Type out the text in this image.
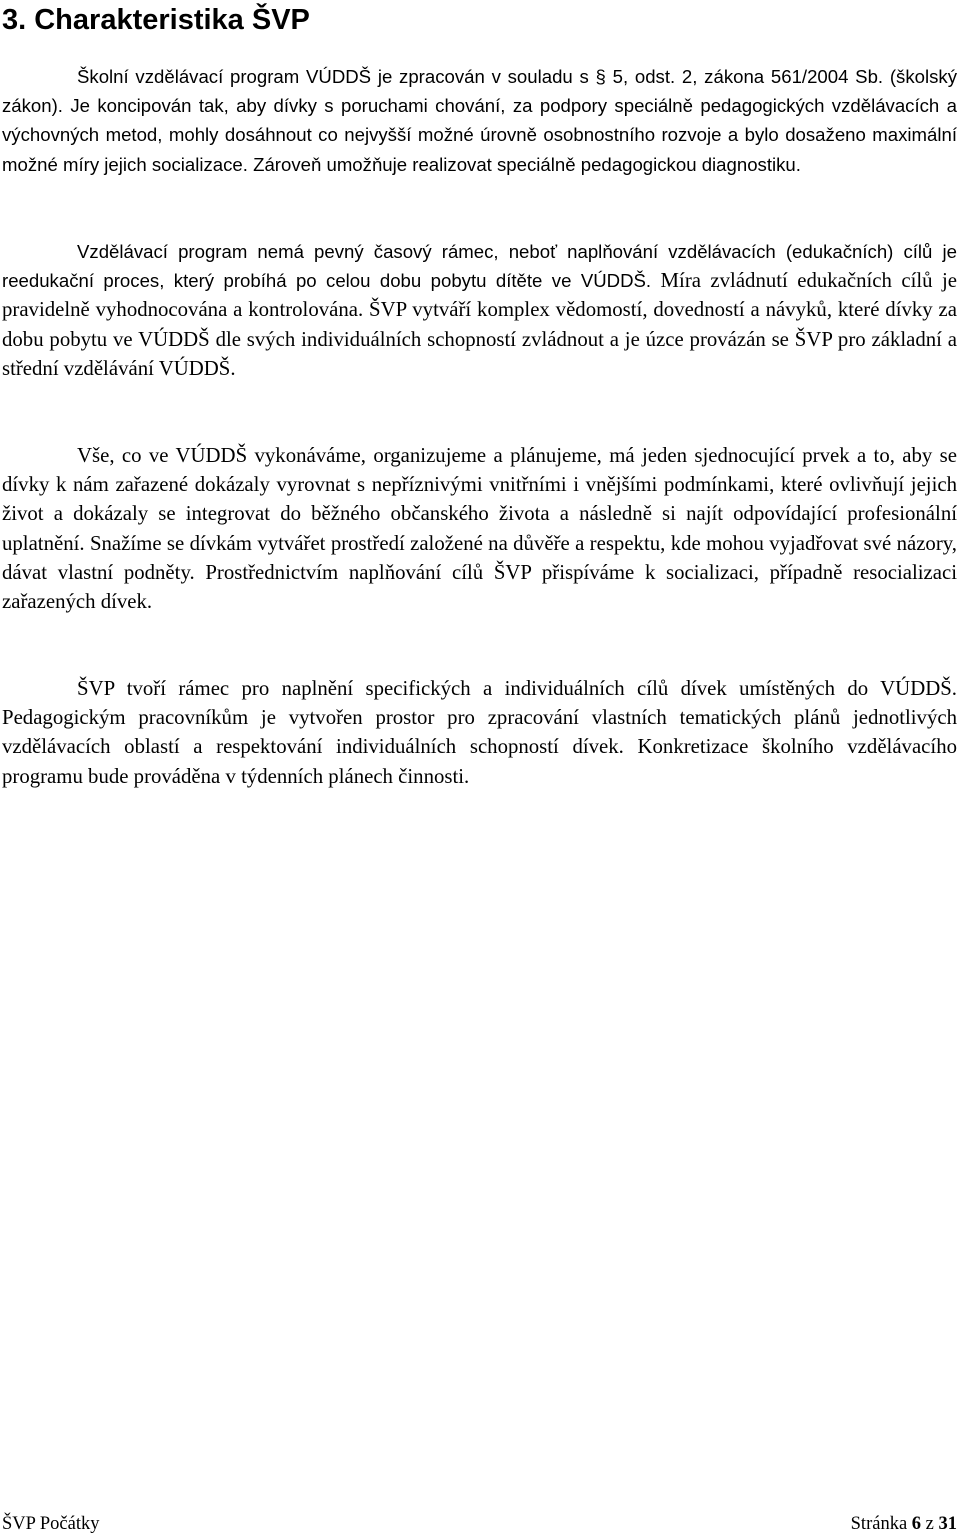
3. Charakteristika ŠVP

Školní vzdělávací program VÚDDŠ je zpracován v souladu s § 5, odst. 2, zákona 561/2004 Sb. (školský zákon). Je koncipován tak, aby dívky s poruchami chování, za podpory speciálně pedagogických vzdělávacích a výchovných metod, mohly dosáhnout co nejvyšší možné úrovně osobnostního rozvoje a bylo dosaženo maximální možné míry jejich socializace. Zároveň umožňuje realizovat speciálně pedagogickou diagnostiku.

Vzdělávací program nemá pevný časový rámec, neboť naplňování vzdělávacích (edukačních) cílů je reedukační proces, který probíhá po celou dobu pobytu dítěte ve VÚDDŠ. Míra zvládnutí edukačních cílů je pravidelně vyhodnocována a kontrolována. ŠVP vytváří komplex vědomostí, dovedností a návyků, které dívky za dobu pobytu ve VÚDDŠ dle svých individuálních schopností zvládnout a je úzce provázán se ŠVP pro základní a střední vzdělávání VÚDDŠ.

Vše, co ve VÚDDŠ vykonáváme, organizujeme a plánujeme, má jeden sjednocující prvek a to, aby se dívky k nám zařazené dokázaly vyrovnat s nepříznivými vnitřními i vnějšími podmínkami, které ovlivňují jejich život a dokázaly se integrovat do běžného občanského života a následně si najít odpovídající profesionální uplatnění. Snažíme se dívkám vytvářet prostředí založené na důvěře a respektu, kde mohou vyjadřovat své názory, dávat vlastní podněty. Prostřednictvím naplňování cílů ŠVP přispíváme k socializaci, případně resocializaci zařazených dívek.

ŠVP tvoří rámec pro naplnění specifických a individuálních cílů dívek umístěných do VÚDDŠ. Pedagogickým pracovníkům je vytvořen prostor pro zpracování vlastních tematických plánů jednotlivých vzdělávacích oblastí a respektování individuálních schopností dívek. Konkretizace školního vzdělávacího programu bude prováděna v týdenních plánech činnosti.

ŠVP Počátky	Stránka 6 z 31
